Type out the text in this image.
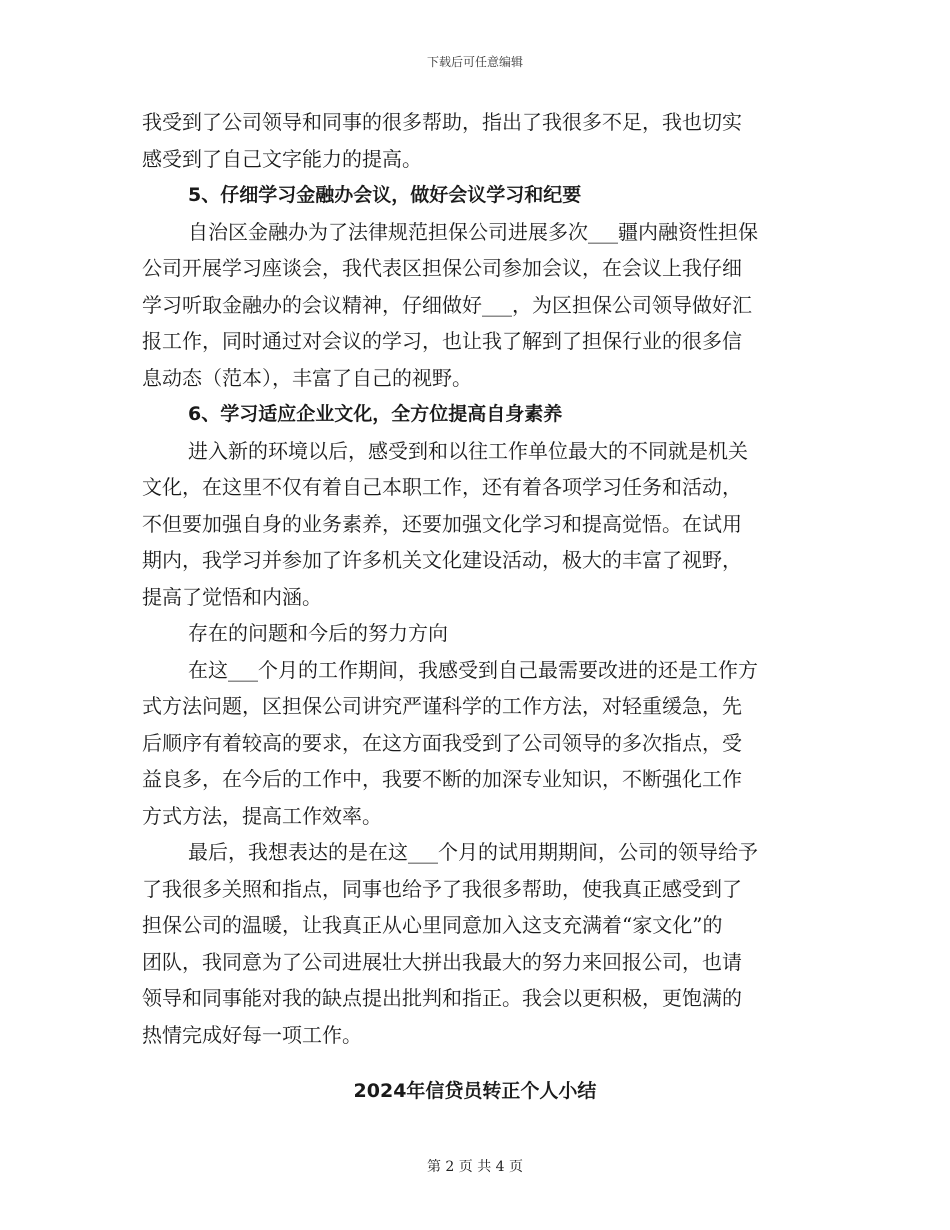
下载后可任意编辑
我受到了公司领导和同事的很多帮助，指出了我很多不足，我也切实
感受到了自己文字能力的提高。
5、仔细学习金融办会议，做好会议学习和纪要
自治区金融办为了法律规范担保公司进展多次___疆内融资性担保
公司开展学习座谈会，我代表区担保公司参加会议，在会议上我仔细
学习听取金融办的会议精神，仔细做好___，为区担保公司领导做好汇
报工作，同时通过对会议的学习，也让我了解到了担保行业的很多信
息动态（范本），丰富了自己的视野。
6、学习适应企业文化，全方位提高自身素养
进入新的环境以后，感受到和以往工作单位最大的不同就是机关
文化，在这里不仅有着自己本职工作，还有着各项学习任务和活动，
不但要加强自身的业务素养，还要加强文化学习和提高觉悟。在试用
期内，我学习并参加了许多机关文化建设活动，极大的丰富了视野，
提高了觉悟和内涵。
存在的问题和今后的努力方向
在这___个月的工作期间，我感受到自己最需要改进的还是工作方
式方法问题，区担保公司讲究严谨科学的工作方法，对轻重缓急，先
后顺序有着较高的要求，在这方面我受到了公司领导的多次指点，受
益良多，在今后的工作中，我要不断的加深专业知识，不断强化工作
方式方法，提高工作效率。
最后，我想表达的是在这___个月的试用期期间，公司的领导给予
了我很多关照和指点，同事也给予了我很多帮助，使我真正感受到了
担保公司的温暖，让我真正从心里同意加入这支充满着“家文化”的
团队，我同意为了公司进展壮大拼出我最大的努力来回报公司，也请
领导和同事能对我的缺点提出批判和指正。我会以更积极，更饱满的
热情完成好每一项工作。
2024年信贷员转正个人小结
第 2 页 共 4 页
